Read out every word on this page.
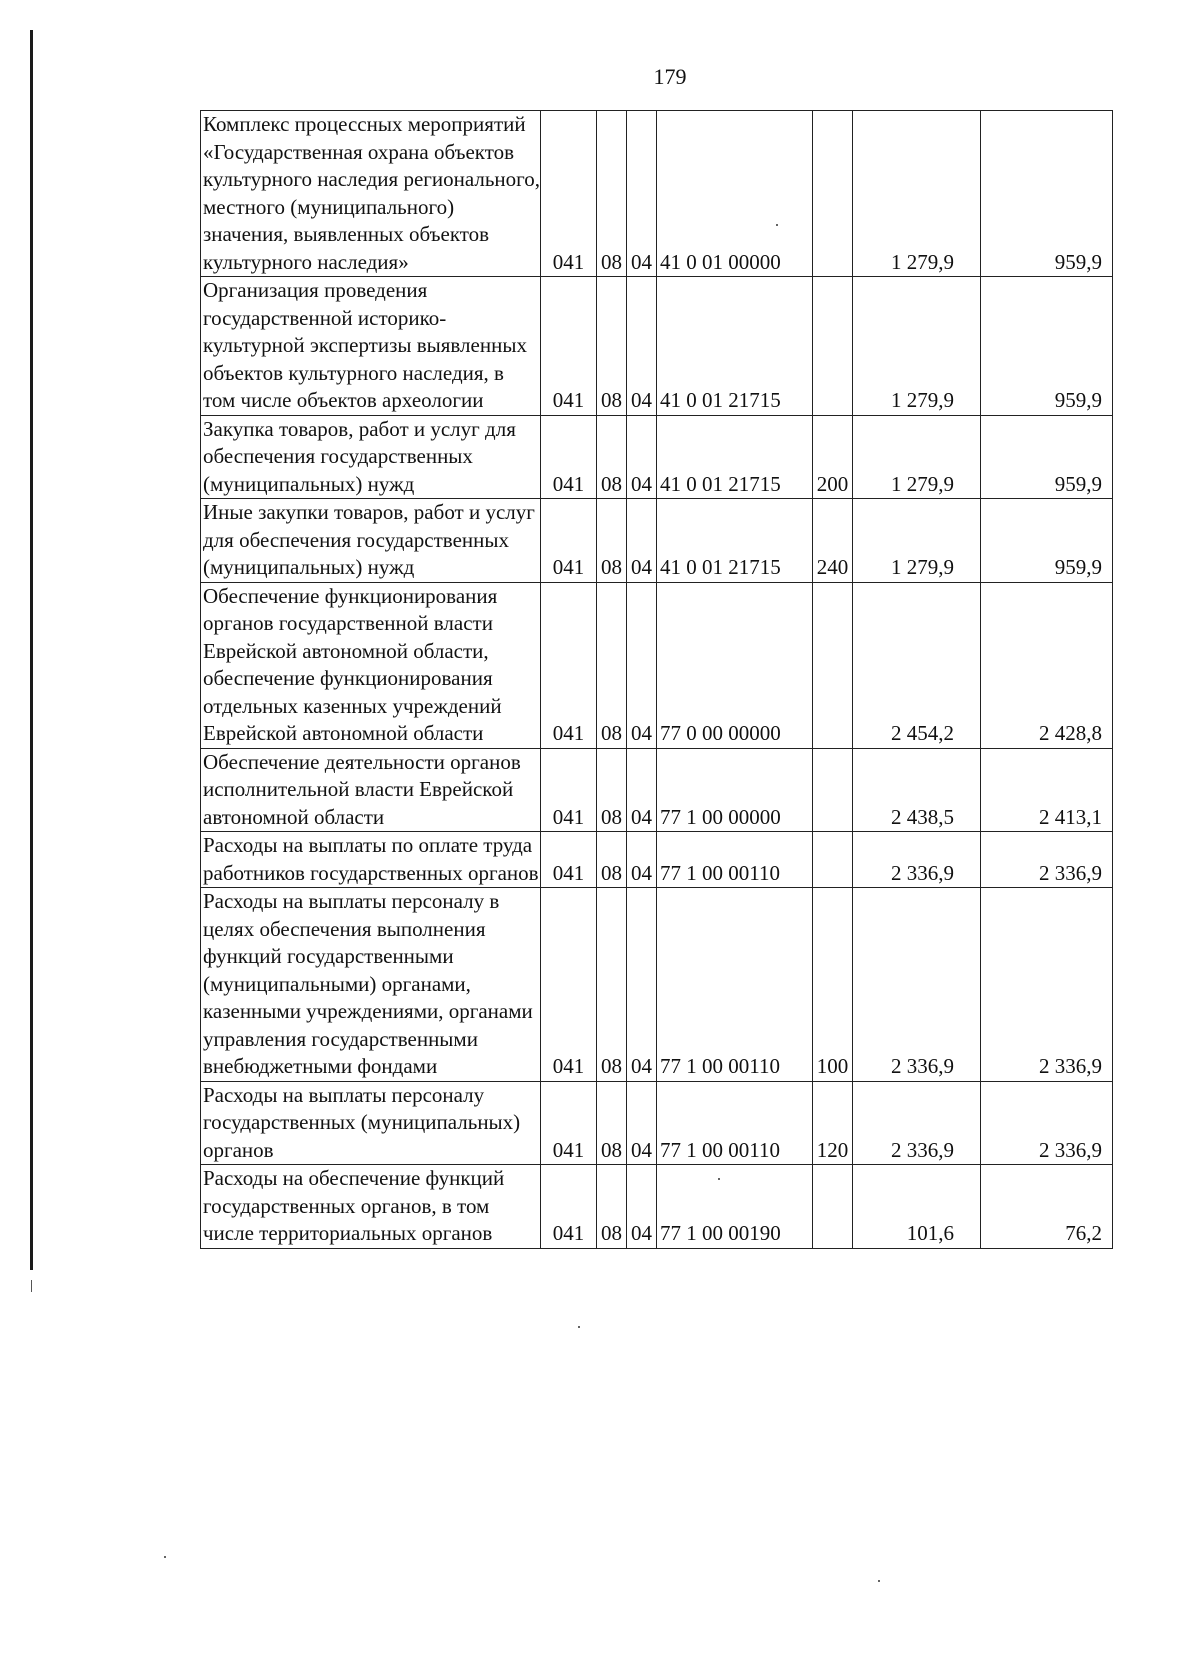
179
Комплекс процессных мероприятий «Государственная охрана объектов культурного наследия регионального, местного (муниципального) значения, выявленных объектов культурного наследия»	041	08	04	41 0 01 00000		1 279,9	959,9
Организация проведения государственной историко-культурной экспертизы выявленных объектов культурного наследия, в том числе объектов археологии	041	08	04	41 0 01 21715		1 279,9	959,9
Закупка товаров, работ и услуг для обеспечения государственных (муниципальных) нужд	041	08	04	41 0 01 21715	200	1 279,9	959,9
Иные закупки товаров, работ и услуг для обеспечения государственных (муниципальных) нужд	041	08	04	41 0 01 21715	240	1 279,9	959,9
Обеспечение функционирования органов государственной власти Еврейской автономной области, обеспечение функционирования отдельных казенных учреждений Еврейской автономной области	041	08	04	77 0 00 00000		2 454,2	2 428,8
Обеспечение деятельности органов исполнительной власти Еврейской автономной области	041	08	04	77 1 00 00000		2 438,5	2 413,1
Расходы на выплаты по оплате труда работников государственных органов	041	08	04	77 1 00 00110		2 336,9	2 336,9
Расходы на выплаты персоналу в целях обеспечения выполнения функций государственными (муниципальными) органами, казенными учреждениями, органами управления государственными внебюджетными фондами	041	08	04	77 1 00 00110	100	2 336,9	2 336,9
Расходы на выплаты персоналу государственных (муниципальных) органов	041	08	04	77 1 00 00110	120	2 336,9	2 336,9
Расходы на обеспечение функций государственных органов, в том числе территориальных органов	041	08	04	77 1 00 00190		101,6	76,2
